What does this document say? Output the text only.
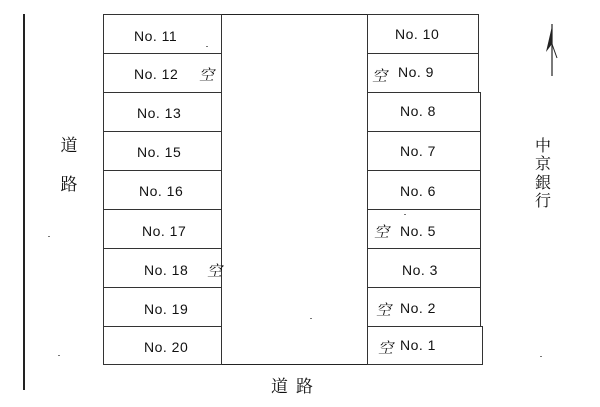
道
路
No. 11
No. 12 空
No. 13
No. 15
No. 16
No. 17
No. 18 空
No. 19
No. 20
No. 10
No. 9
空
No. 8
No. 7
No. 6
No. 5
空
No. 3
No. 2
空
No. 1
空
道路
中
京
銀
行
